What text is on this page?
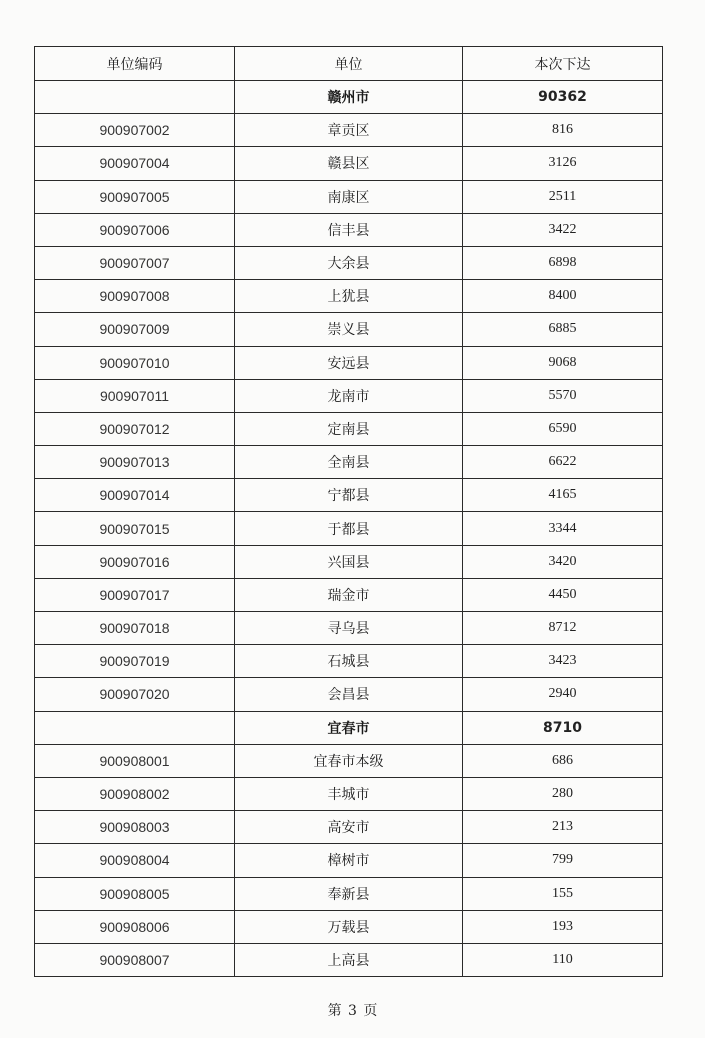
单位编码	单位	本次下达
	赣州市	90362
900907002	章贡区	816
900907004	赣县区	3126
900907005	南康区	2511
900907006	信丰县	3422
900907007	大余县	6898
900907008	上犹县	8400
900907009	崇义县	6885
900907010	安远县	9068
900907011	龙南市	5570
900907012	定南县	6590
900907013	全南县	6622
900907014	宁都县	4165
900907015	于都县	3344
900907016	兴国县	3420
900907017	瑞金市	4450
900907018	寻乌县	8712
900907019	石城县	3423
900907020	会昌县	2940
	宜春市	8710
900908001	宜春市本级	686
900908002	丰城市	280
900908003	高安市	213
900908004	樟树市	799
900908005	奉新县	155
900908006	万载县	193
900908007	上高县	110
第 3 页
